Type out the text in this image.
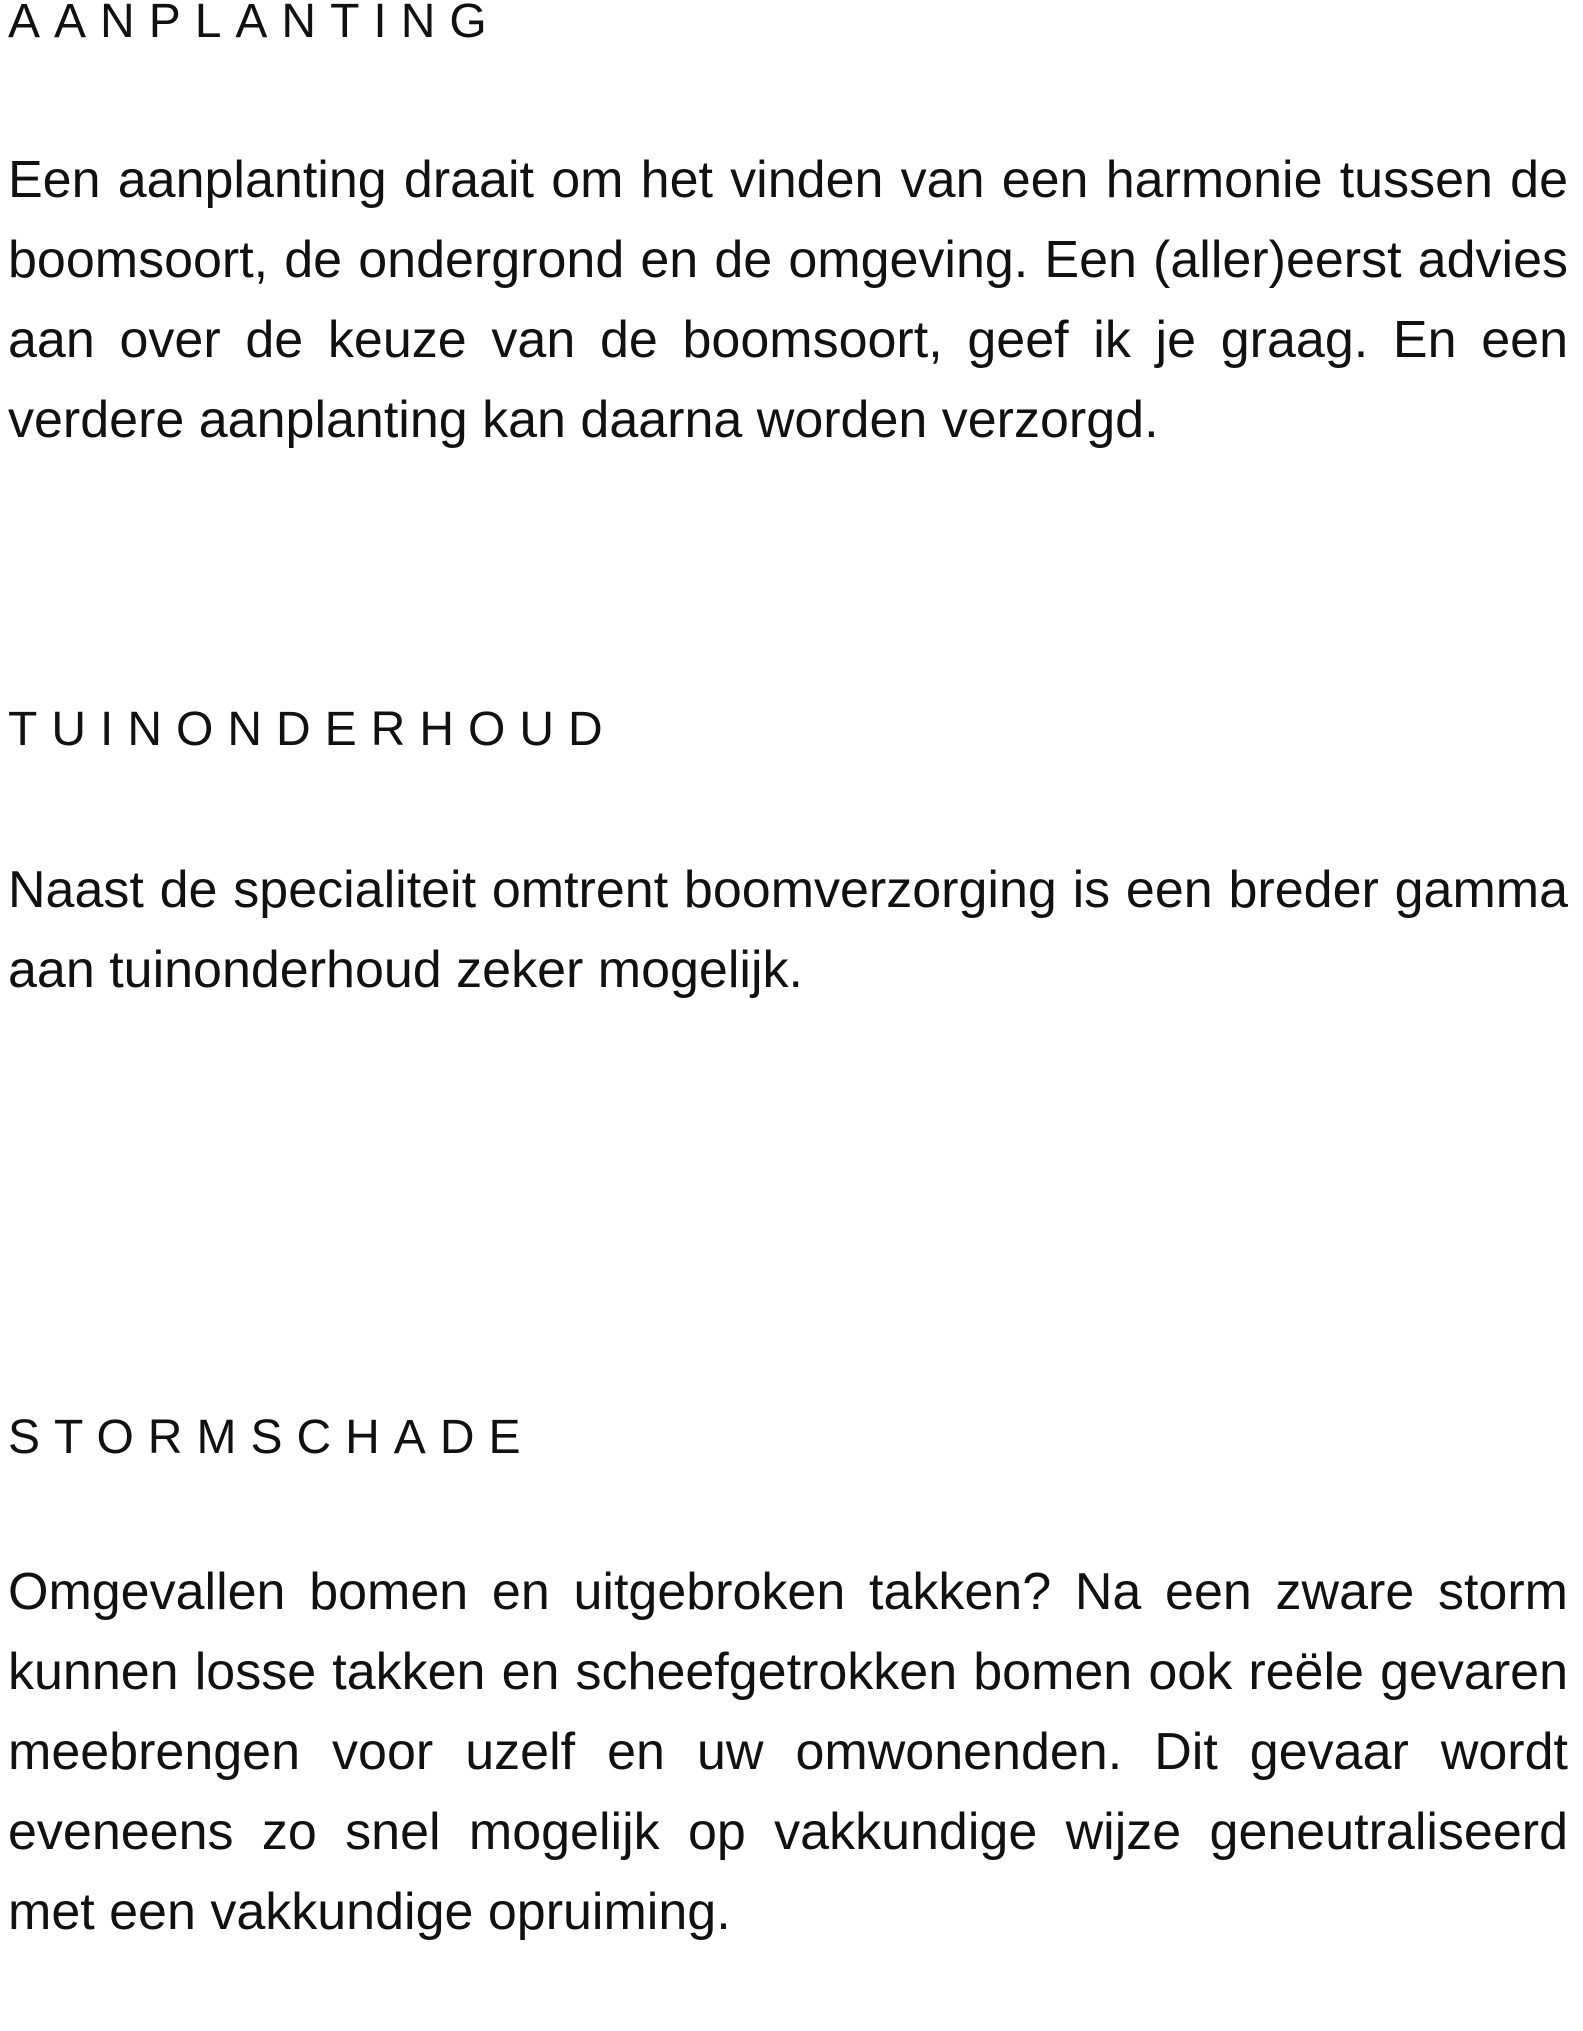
AANPLANTING

Een aanplanting draait om het vinden van een harmonie tussen de boomsoort, de ondergrond en de omgeving. Een (aller)eerst advies aan over de keuze van de boomsoort, geef ik je graag. En een verdere aanplanting kan daarna worden verzorgd.

TUINONDERHOUD

Naast de specialiteit omtrent boomverzorging is een breder gamma aan tuinonderhoud zeker mogelijk.

STORMSCHADE

Omgevallen bomen en uitgebroken takken? Na een zware storm kunnen losse takken en scheefgetrokken bomen ook reële gevaren meebrengen voor uzelf en uw omwonenden. Dit gevaar wordt eveneens zo snel mogelijk op vakkundige wijze geneutraliseerd met een vakkundige opruiming.
